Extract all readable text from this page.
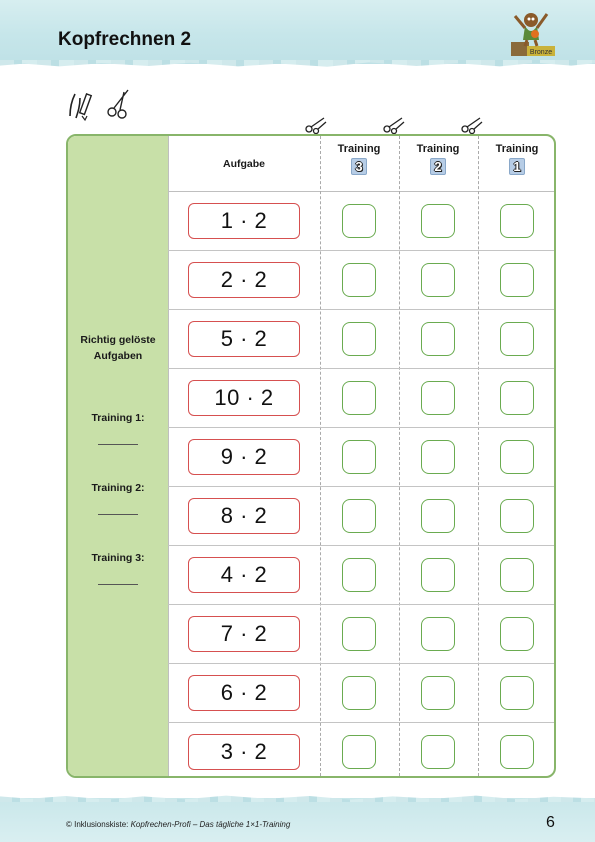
Kopfrechnen 2
Bronze
Richtig gelöste
Aufgaben
Training 1:
Training 2:
Training 3:
Aufgabe
Training
3
Training
2
Training
1
1 · 2
2 · 2
5 · 2
10 · 2
9 · 2
8 · 2
4 · 2
7 · 2
6 · 2
3 · 2
© Inklusionskiste: Kopfrechen-Profi – Das tägliche 1×1-Training	6
